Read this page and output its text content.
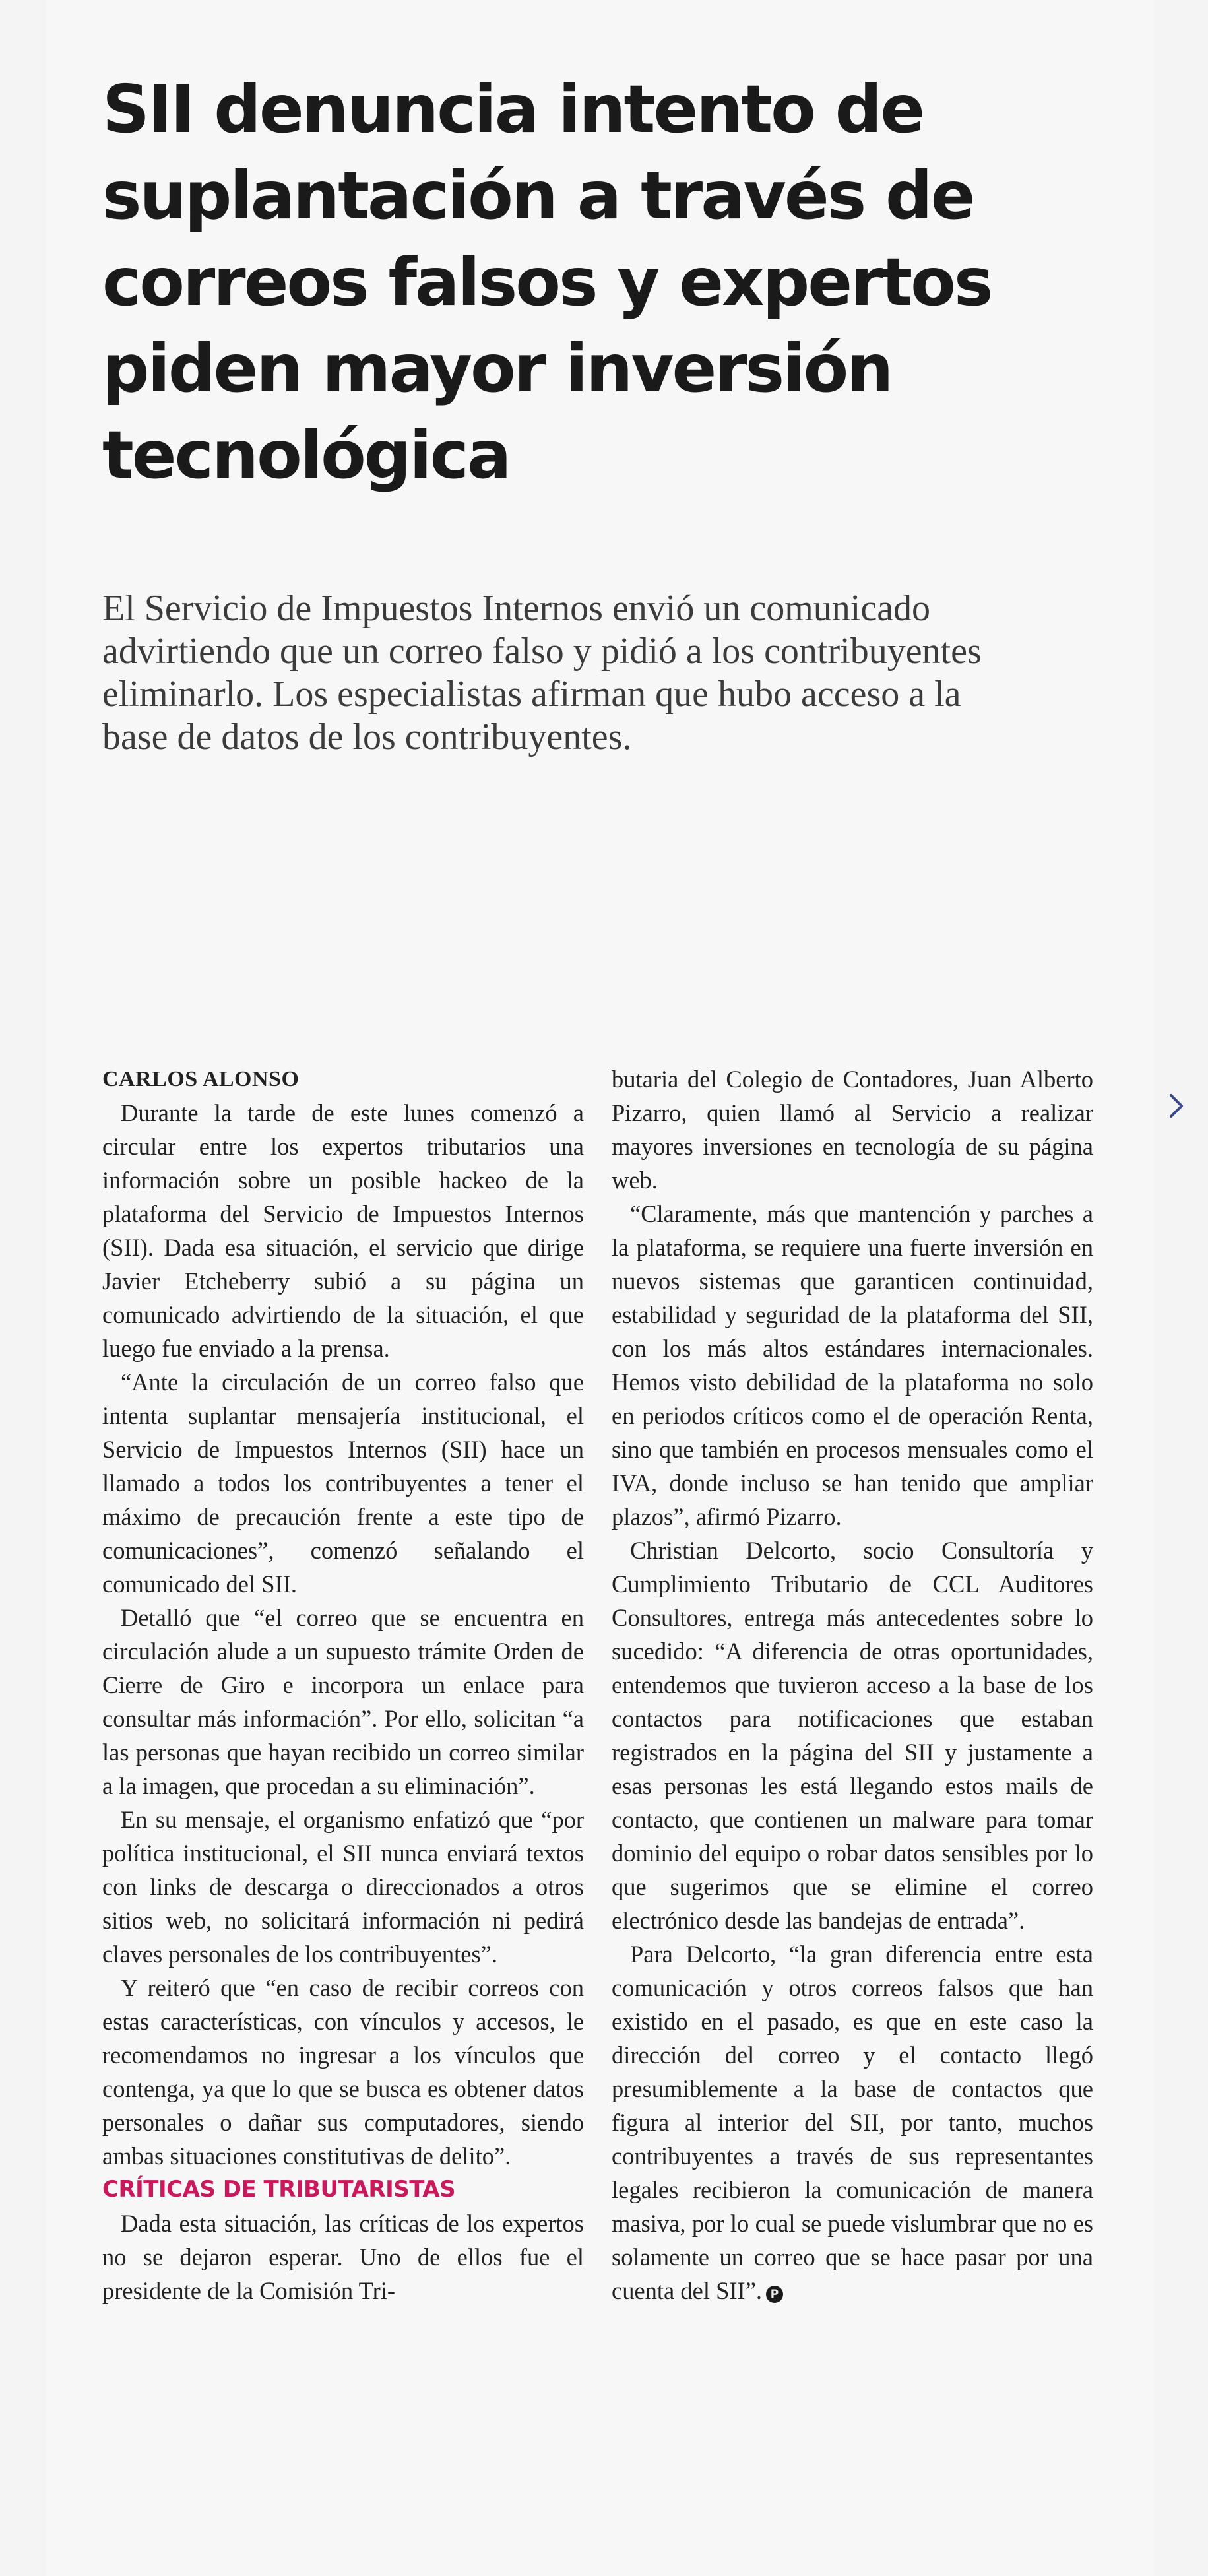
SII denuncia intento de
suplantación a través de
correos falsos y expertos
piden mayor inversión
tecnológica

El Servicio de Impuestos Internos envió un comunicado
advirtiendo que un correo falso y pidió a los contribuyentes
eliminarlo. Los especialistas afirman que hubo acceso a la
base de datos de los contribuyentes.

CARLOS ALONSO

Durante la tarde de este lunes comenzó a circular entre los expertos tributarios una información sobre un posible hackeo de la plataforma del Servicio de Impuestos Internos (SII). Dada esa situación, el servicio que dirige Javier Etcheberry subió a su página un comunicado advirtiendo de la situación, el que luego fue enviado a la prensa.

“Ante la circulación de un correo falso que intenta suplantar mensajería institucional, el Servicio de Impuestos Internos (SII) hace un llamado a todos los contribuyentes a tener el máximo de precaución frente a este tipo de comunicaciones”, comenzó señalando el comunicado del SII.

Detalló que “el correo que se encuentra en circulación alude a un supuesto trámite Orden de Cierre de Giro e incorpora un enlace para consultar más información”. Por ello, solicitan “a las personas que hayan recibido un correo similar a la imagen, que procedan a su eliminación”.

En su mensaje, el organismo enfatizó que “por política institucional, el SII nunca enviará textos con links de descarga o direccionados a otros sitios web, no solicitará información ni pedirá claves personales de los contribuyentes”.

Y reiteró que “en caso de recibir correos con estas características, con vínculos y accesos, le recomendamos no ingresar a los vínculos que contenga, ya que lo que se busca es obtener datos personales o dañar sus computadores, siendo ambas situaciones constitutivas de delito”.

CRÍTICAS DE TRIBUTARISTAS

Dada esta situación, las críticas de los expertos no se dejaron esperar. Uno de ellos fue el presidente de la Comisión Tri-

butaria del Colegio de Contadores, Juan Alberto Pizarro, quien llamó al Servicio a realizar mayores inversiones en tecnología de su página web.

“Claramente, más que mantención y parches a la plataforma, se requiere una fuerte inversión en nuevos sistemas que garanticen continuidad, estabilidad y seguridad de la plataforma del SII, con los más altos estándares internacionales. Hemos visto debilidad de la plataforma no solo en periodos críticos como el de operación Renta, sino que también en procesos mensuales como el IVA, donde incluso se han tenido que ampliar plazos”, afirmó Pizarro.

Christian Delcorto, socio Consultoría y Cumplimiento Tributario de CCL Auditores Consultores, entrega más antecedentes sobre lo sucedido: “A diferencia de otras oportunidades, entendemos que tuvieron acceso a la base de los contactos para notificaciones que estaban registrados en la página del SII y justamente a esas personas les está llegando estos mails de contacto, que contienen un malware para tomar dominio del equipo o robar datos sensibles por lo que sugerimos que se elimine el correo electrónico desde las bandejas de entrada”.

Para Delcorto, “la gran diferencia entre esta comunicación y otros correos falsos que han existido en el pasado, es que en este caso la dirección del correo y el contacto llegó presumiblemente a la base de contactos que figura al interior del SII, por tanto, muchos contribuyentes a través de sus representantes legales recibieron la comunicación de manera masiva, por lo cual se puede vislumbrar que no es solamente un correo que se hace pasar por una cuenta del SII”. P
